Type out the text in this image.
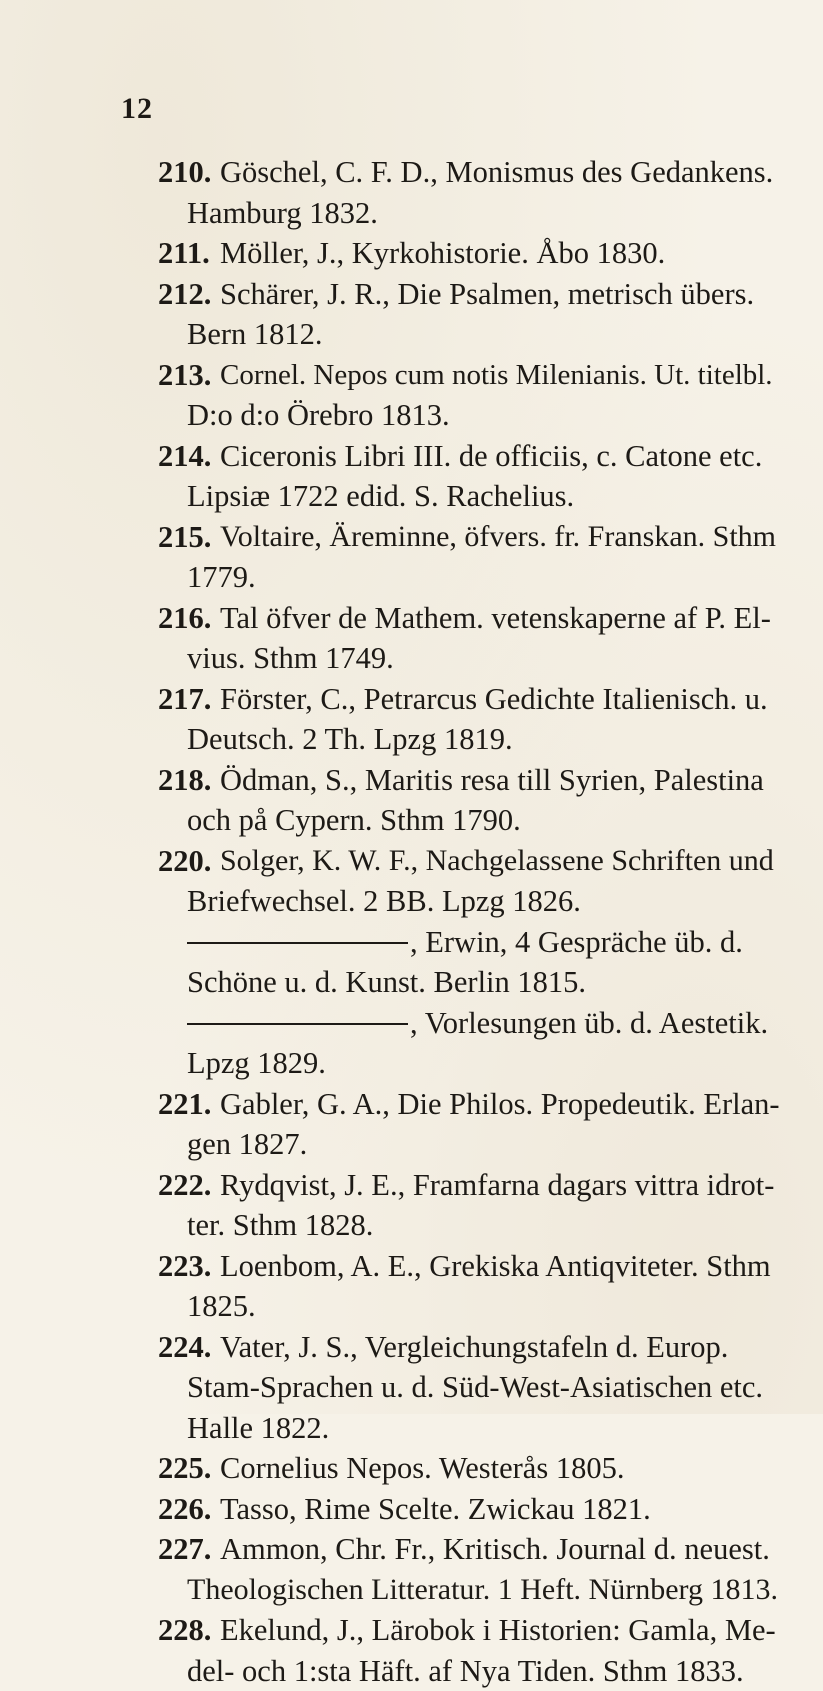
12
210. Göschel, C. F. D., Monismus des Gedankens.
Hamburg 1832.
211. Möller, J., Kyrkohistorie. Åbo 1830.
212. Schärer, J. R., Die Psalmen, metrisch übers.
Bern 1812.
213. Cornel. Nepos cum notis Milenianis. Ut. titelbl.
D:o d:o Örebro 1813.
214. Ciceronis Libri III. de officiis, c. Catone etc.
Lipsiæ 1722 edid. S. Rachelius.
215. Voltaire, Äreminne, öfvers. fr. Franskan. Sthm
1779.
216. Tal öfver de Mathem. vetenskaperne af P. El-
vius. Sthm 1749.
217. Förster, C., Petrarcus Gedichte Italienisch. u.
Deutsch. 2 Th. Lpzg 1819.
218. Ödman, S., Maritis resa till Syrien, Palestina
och på Cypern. Sthm 1790.
220. Solger, K. W. F., Nachgelassene Schriften und
Briefwechsel. 2 BB. Lpzg 1826.
, Erwin, 4 Gespräche üb. d.
Schöne u. d. Kunst. Berlin 1815.
, Vorlesungen üb. d. Aestetik.
Lpzg 1829.
221. Gabler, G. A., Die Philos. Propedeutik. Erlan-
gen 1827.
222. Rydqvist, J. E., Framfarna dagars vittra idrot-
ter. Sthm 1828.
223. Loenbom, A. E., Grekiska Antiqviteter. Sthm
1825.
224. Vater, J. S., Vergleichungstafeln d. Europ.
Stam-Sprachen u. d. Süd-West-Asiatischen etc.
Halle 1822.
225. Cornelius Nepos. Westerås 1805.
226. Tasso, Rime Scelte. Zwickau 1821.
227. Ammon, Chr. Fr., Kritisch. Journal d. neuest.
Theologischen Litteratur. 1 Heft. Nürnberg 1813.
228. Ekelund, J., Lärobok i Historien: Gamla, Me-
del- och 1:sta Häft. af Nya Tiden. Sthm 1833.
